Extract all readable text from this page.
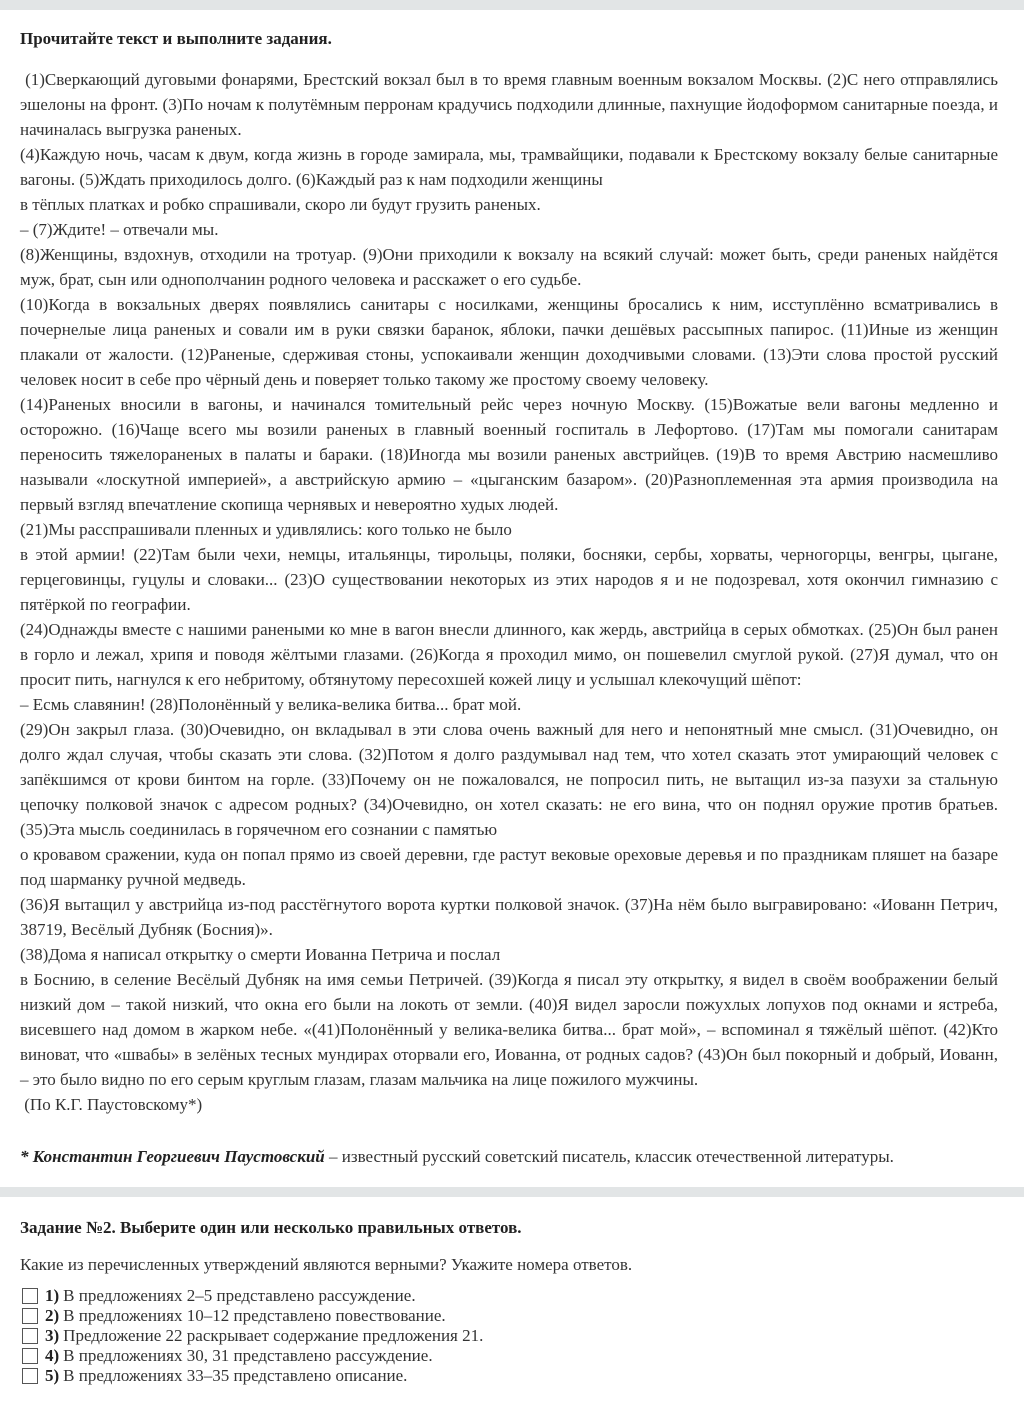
Прочитайте текст и выполните задания.

(1)Сверкающий дуговыми фонарями, Брестский вокзал был в то время главным военным вокзалом Москвы. (2)С него отправлялись эшелоны на фронт. (3)По ночам к полутёмным перронам крадучись подходили длинные, пахнущие йодоформом санитарные поезда, и начиналась выгрузка раненых.

(4)Каждую ночь, часам к двум, когда жизнь в городе замирала, мы, трамвайщики, подавали к Брестскому вокзалу белые санитарные вагоны. (5)Ждать приходилось долго. (6)Каждый раз к нам подходили женщины

в тёплых платках и робко спрашивали, скоро ли будут грузить раненых.

– (7)Ждите! – отвечали мы.

(8)Женщины, вздохнув, отходили на тротуар. (9)Они приходили к вокзалу на всякий случай: может быть, среди раненых найдётся муж, брат, сын или однополчанин родного человека и расскажет о его судьбе.

(10)Когда в вокзальных дверях появлялись санитары с носилками, женщины бросались к ним, исступлённо всматривались в почернелые лица раненых и совали им в руки связки баранок, яблоки, пачки дешёвых рассыпных папирос. (11)Иные из женщин плакали от жалости. (12)Раненые, сдерживая стоны, успокаивали женщин доходчивыми словами. (13)Эти слова простой русский человек носит в себе про чёрный день и поверяет только такому же простому своему человеку.

(14)Раненых вносили в вагоны, и начинался томительный рейс через ночную Москву. (15)Вожатые вели вагоны медленно и осторожно. (16)Чаще всего мы возили раненых в главный военный госпиталь в Лефортово. (17)Там мы помогали санитарам переносить тяжелораненых в палаты и бараки. (18)Иногда мы возили раненых австрийцев. (19)В то время Австрию насмешливо называли «лоскутной империей», а австрийскую армию – «цыганским базаром». (20)Разноплеменная эта армия производила на первый взгляд впечатление скопища чернявых и невероятно худых людей.

(21)Мы расспрашивали пленных и удивлялись: кого только не было

в этой армии! (22)Там были чехи, немцы, итальянцы, тирольцы, поляки, босняки, сербы, хорваты, черногорцы, венгры, цыгане, герцеговинцы, гуцулы и словаки... (23)О существовании некоторых из этих народов я и не подозревал, хотя окончил гимназию с пятёркой по географии.

(24)Однажды вместе с нашими ранеными ко мне в вагон внесли длинного, как жердь, австрийца в серых обмотках. (25)Он был ранен в горло и лежал, хрипя и поводя жёлтыми глазами. (26)Когда я проходил мимо, он пошевелил смуглой рукой. (27)Я думал, что он просит пить, нагнулся к его небритому, обтянутому пересохшей кожей лицу и услышал клекочущий шёпот:

– Есмь славянин! (28)Полонённый у велика-велика битва... брат мой.

(29)Он закрыл глаза. (30)Очевидно, он вкладывал в эти слова очень важный для него и непонятный мне смысл. (31)Очевидно, он долго ждал случая, чтобы сказать эти слова. (32)Потом я долго раздумывал над тем, что хотел сказать этот умирающий человек с запёкшимся от крови бинтом на горле. (33)Почему он не пожаловался, не попросил пить, не вытащил из-за пазухи за стальную цепочку полковой значок с адресом родных? (34)Очевидно, он хотел сказать: не его вина, что он поднял оружие против братьев. (35)Эта мысль соединилась в горячечном его сознании с памятью

о кровавом сражении, куда он попал прямо из своей деревни, где растут вековые ореховые деревья и по праздникам пляшет на базаре под шарманку ручной медведь.

(36)Я вытащил у австрийца из-под расстёгнутого ворота куртки полковой значок. (37)На нём было выгравировано: «Иованн Петрич, 38719, Весёлый Дубняк (Босния)».

(38)Дома я написал открытку о смерти Иованна Петрича и послал

в Боснию, в селение Весёлый Дубняк на имя семьи Петричей. (39)Когда я писал эту открытку, я видел в своём воображении белый низкий дом – такой низкий, что окна его были на локоть от земли. (40)Я видел заросли пожухлых лопухов под окнами и ястреба, висевшего над домом в жарком небе. «(41)Полонённый у велика-велика битва... брат мой», – вспоминал я тяжёлый шёпот. (42)Кто виноват, что «швабы» в зелёных тесных мундирах оторвали его, Иованна, от родных садов? (43)Он был покорный и добрый, Иованн, – это было видно по его серым круглым глазам, глазам мальчика на лице пожилого мужчины.

(По К.Г. Паустовскому*)

* Константин Георгиевич Паустовский – известный русский советский писатель, классик отечественной литературы.

Задание №2. Выберите один или несколько правильных ответов.

Какие из перечисленных утверждений являются верными? Укажите номера ответов.
1) В предложениях 2–5 представлено рассуждение.
2) В предложениях 10–12 представлено повествование.
3) Предложение 22 раскрывает содержание предложения 21.
4) В предложениях 30, 31 представлено рассуждение.
5) В предложениях 33–35 представлено описание.
